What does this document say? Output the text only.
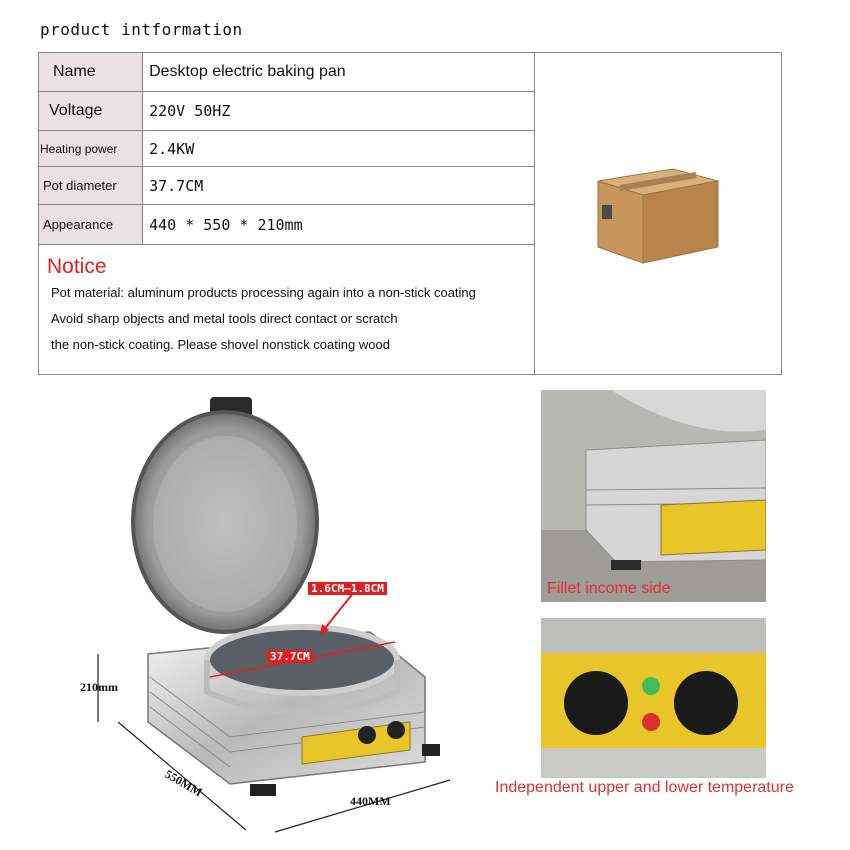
product intformation
Name	Desktop electric baking pan	
Voltage	220V 50HZ	
Heating power	2.4KW	
Pot diameter	37.7CM	
Appearance	440 * 550 * 210mm	

Notice
Pot material: aluminum products processing again into a non-stick coating
Avoid sharp objects and metal tools direct contact or scratch
the non-stick coating. Please shovel nonstick coating wood		
210mm
550MM
440MM
1.6CM—1.8CM
37.7CM
Fillet income side
Independent upper and lower temperature
